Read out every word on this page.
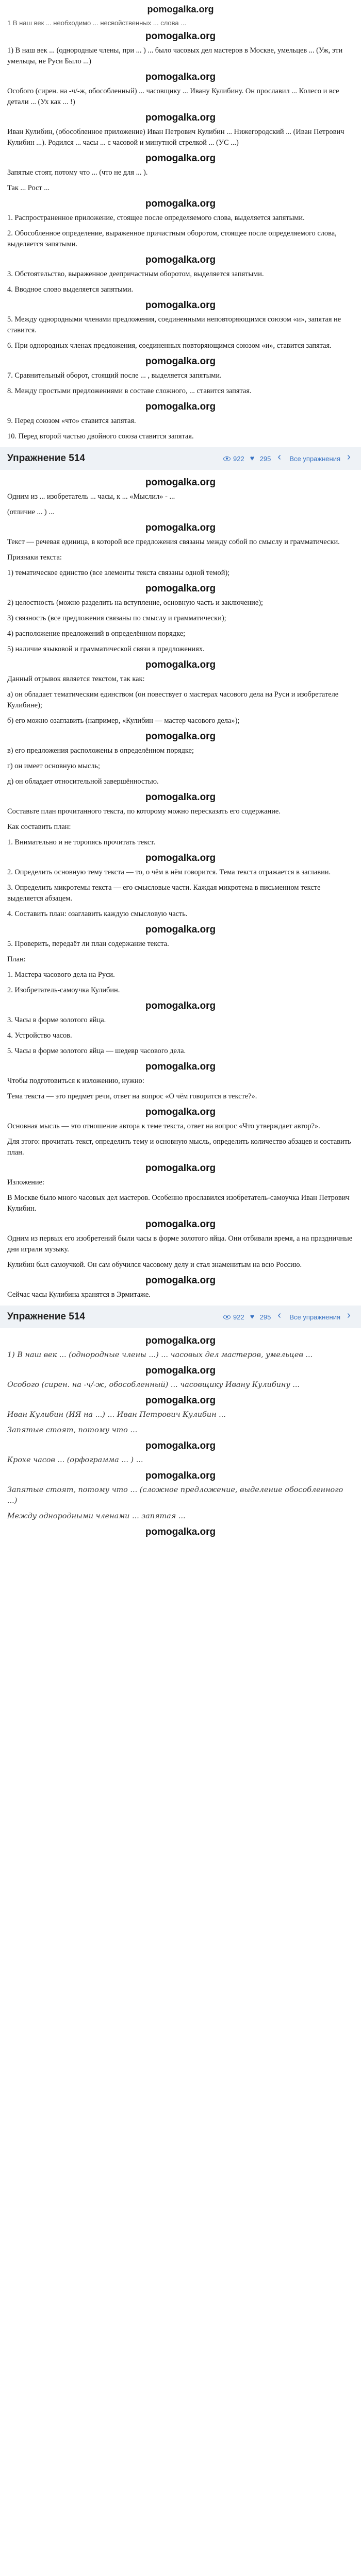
pomogalka.org
1 В наш век ... необходимо ... несвойственных ... слова ...
pomogalka.org

1) В наш век ... (однородные члены, при ... ) ... было часовых дел мастеров в Москве, умельцев ... (Уж, эти умельцы, не Руси Было ...)

pomogalka.org

Особого (сирен. на -ч/-ж, обособленный) ... часовщику ... Ивану Кулибину. Он прославил ... Колесо и все детали ... (Ух как ... !)

pomogalka.org

Иван Кулибин, (обособленное приложение) Иван Петрович Кулибин ... Нижегородский ... (Иван Петрович Кулибин ...). Родился ... часы ... с часовой и минутной стрелкой ... (УС ...)

pomogalka.org

Запятые стоят, потому что ... (что не для ... ).

Так ... Рост ...

pomogalka.org

1. Распространенное приложение, стоящее после определяемого слова, выделяется запятыми.

2. Обособленное определение, выраженное причастным оборотом, стоящее после определяемого слова, выделяется запятыми.

pomogalka.org

3. Обстоятельство, выраженное деепричастным оборотом, выделяется запятыми.

4. Вводное слово выделяется запятыми.

pomogalka.org

5. Между однородными членами предложения, соединенными неповторяющимся союзом «и», запятая не ставится.

6. При однородных членах предложения, соединенных повторяющимся союзом «и», ставится запятая.

pomogalka.org

7. Сравнительный оборот, стоящий после ... , выделяется запятыми.

8. Между простыми предложениями в составе сложного, ... ставится запятая.

pomogalka.org

9. Перед союзом «что» ставится запятая.

10. Перед второй частью двойного союза ставится запятая.

Упражнение 514	922 ♥ 295 ‹	Все упражнения
›
pomogalka.org

Одним из ... изобретатель ... часы, к ... «Мыслил» - ...

(отличие ... ) ...

pomogalka.org

Текст — речевая единица, в которой все предложения связаны между собой по смыслу и грамматически.

Признаки текста:

1) тематическое единство (все элементы текста связаны одной темой);

pomogalka.org

2) целостность (можно разделить на вступление, основную часть и заключение);

3) связность (все предложения связаны по смыслу и грамматически);

4) расположение предложений в определённом порядке;

5) наличие языковой и грамматической связи в предложениях.

pomogalka.org

Данный отрывок является текстом, так как:

а) он обладает тематическим единством (он повествует о мастерах часового дела на Руси и изобретателе Кулибине);

б) его можно озаглавить (например, «Кулибин — мастер часового дела»);

pomogalka.org

в) его предложения расположены в определённом порядке;

г) он имеет основную мысль;

д) он обладает относительной завершённостью.

pomogalka.org

Составьте план прочитанного текста, по которому можно пересказать его содержание.

Как составить план:

1. Внимательно и не торопясь прочитать текст.

pomogalka.org

2. Определить основную тему текста — то, о чём в нём говорится. Тема текста отражается в заглавии.

3. Определить микротемы текста — его смысловые части. Каждая микротема в письменном тексте выделяется абзацем.

4. Составить план: озаглавить каждую смысловую часть.

pomogalka.org

5. Проверить, передаёт ли план содержание текста.

План:

1. Мастера часового дела на Руси.

2. Изобретатель-самоучка Кулибин.

pomogalka.org

3. Часы в форме золотого яйца.

4. Устройство часов.

5. Часы в форме золотого яйца — шедевр часового дела.

pomogalka.org

Чтобы подготовиться к изложению, нужно:

Тема текста — это предмет речи, ответ на вопрос «О чём говорится в тексте?».

pomogalka.org

Основная мысль — это отношение автора к теме текста, ответ на вопрос «Что утверждает автор?».

Для этого: прочитать текст, определить тему и основную мысль, определить количество абзацев и составить план.

pomogalka.org

Изложение:

В Москве было много часовых дел мастеров. Особенно прославился изобретатель-самоучка Иван Петрович Кулибин.

pomogalka.org

Одним из первых его изобретений были часы в форме золотого яйца. Они отбивали время, а на праздничные дни играли музыку.

Кулибин был самоучкой. Он сам обучился часовому делу и стал знаменитым на всю Россию.

pomogalka.org

Сейчас часы Кулибина хранятся в Эрмитаже.

Упражнение 514	922 ♥ 295 ‹	Все упражнения
›
pomogalka.org

1) В наш век ... (однородные члены ...) ... часовых дел мастеров, умельцев ...

pomogalka.org

Особого (сирен. на -ч/-ж, обособленный) ... часовщику Ивану Кулибину ...

pomogalka.org

Иван Кулибин (ИЯ на ...) ... Иван Петрович Кулибин ...

Запятые стоят, потому что ...

pomogalka.org

Крохе часов ... (орфограмма ... ) ...

pomogalka.org

Запятые стоят, потому что ... (сложное предложение, выделение обособленного ...)

Между однородными членами ... запятая ...

pomogalka.org
